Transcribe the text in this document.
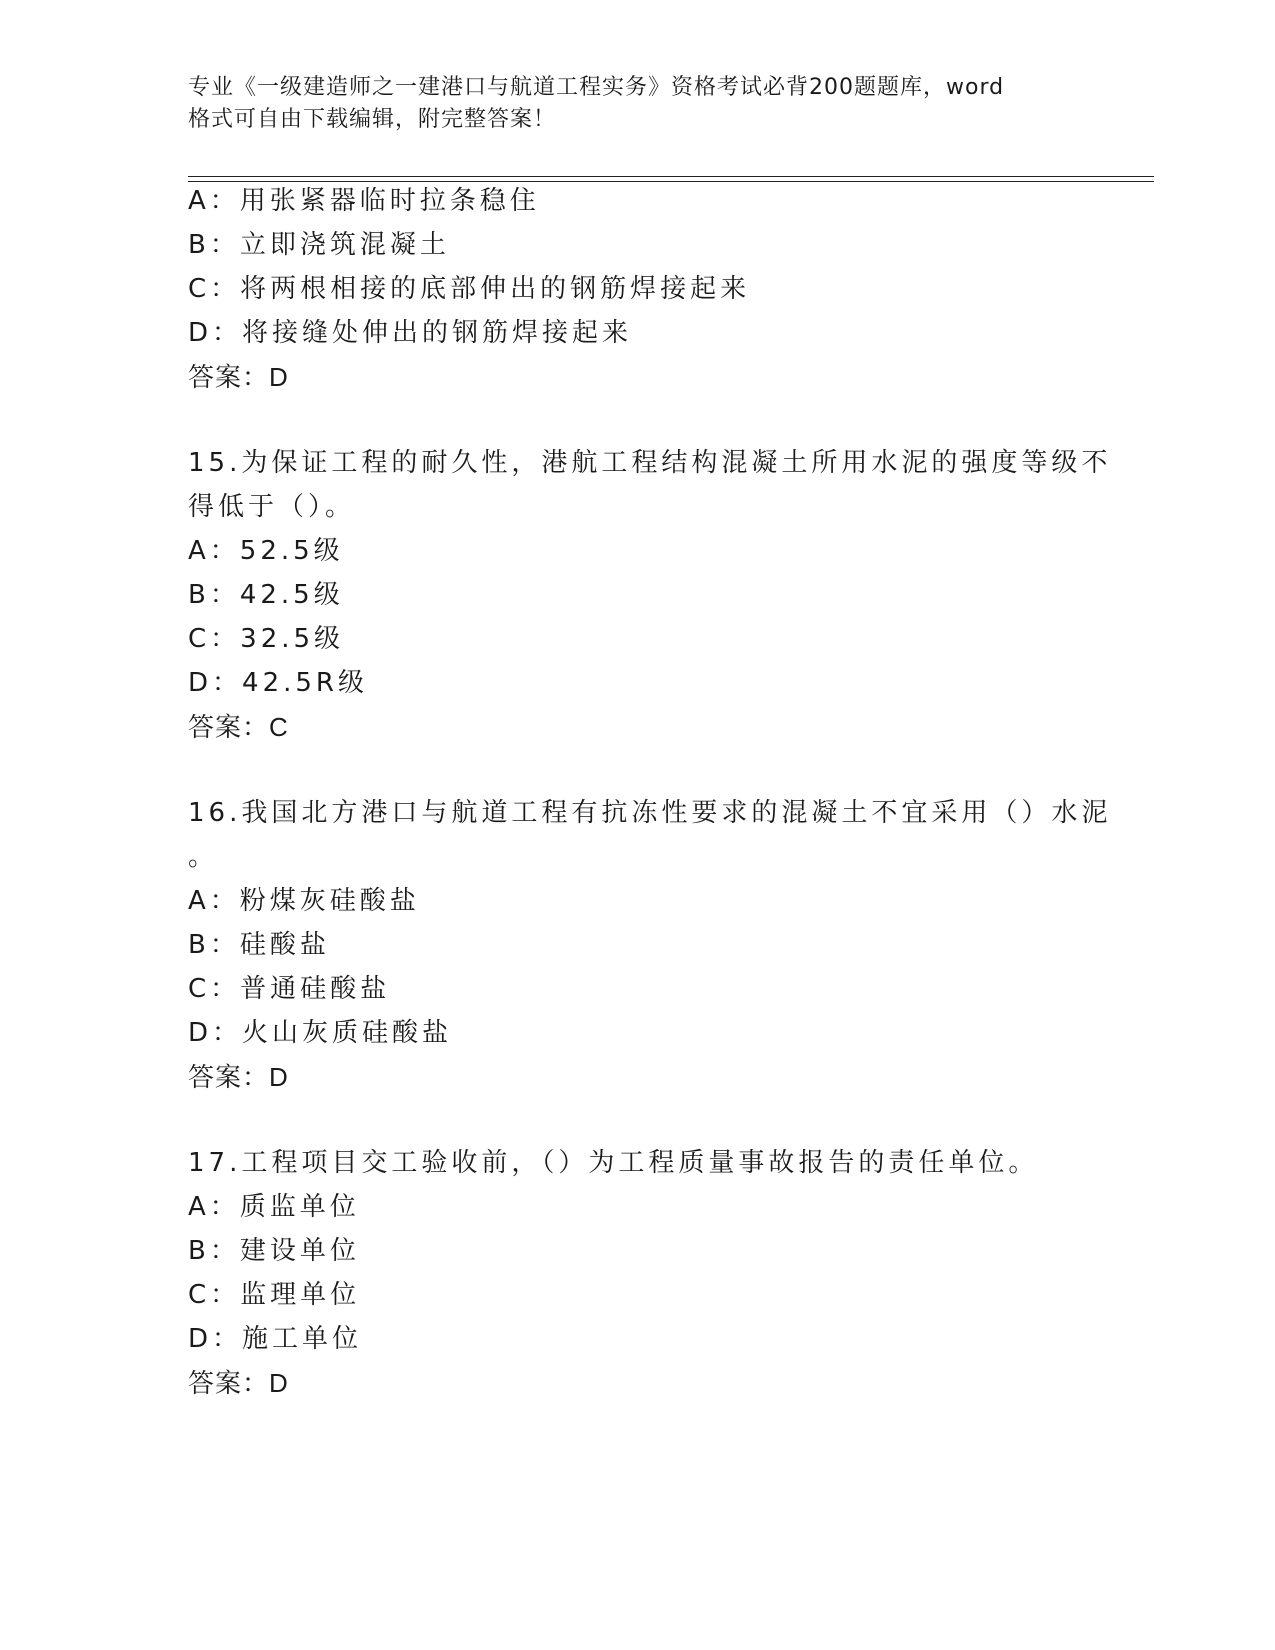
专业《一级建造师之一建港口与航道工程实务》资格考试必背200题题库，word
格式可自由下载编辑，附完整答案！
A：用张紧器临时拉条稳住
B：立即浇筑混凝土
C：将两根相接的底部伸出的钢筋焊接起来
D：将接缝处伸出的钢筋焊接起来
答案：D
15.为保证工程的耐久性，港航工程结构混凝土所用水泥的强度等级不
得低于（）。
A：52.5级
B：42.5级
C：32.5级
D：42.5R级
答案：C
16.我国北方港口与航道工程有抗冻性要求的混凝土不宜采用（）水泥
。
A：粉煤灰硅酸盐
B：硅酸盐
C：普通硅酸盐
D：火山灰质硅酸盐
答案：D
17.工程项目交工验收前，（）为工程质量事故报告的责任单位。
A：质监单位
B：建设单位
C：监理单位
D：施工单位
答案：D
